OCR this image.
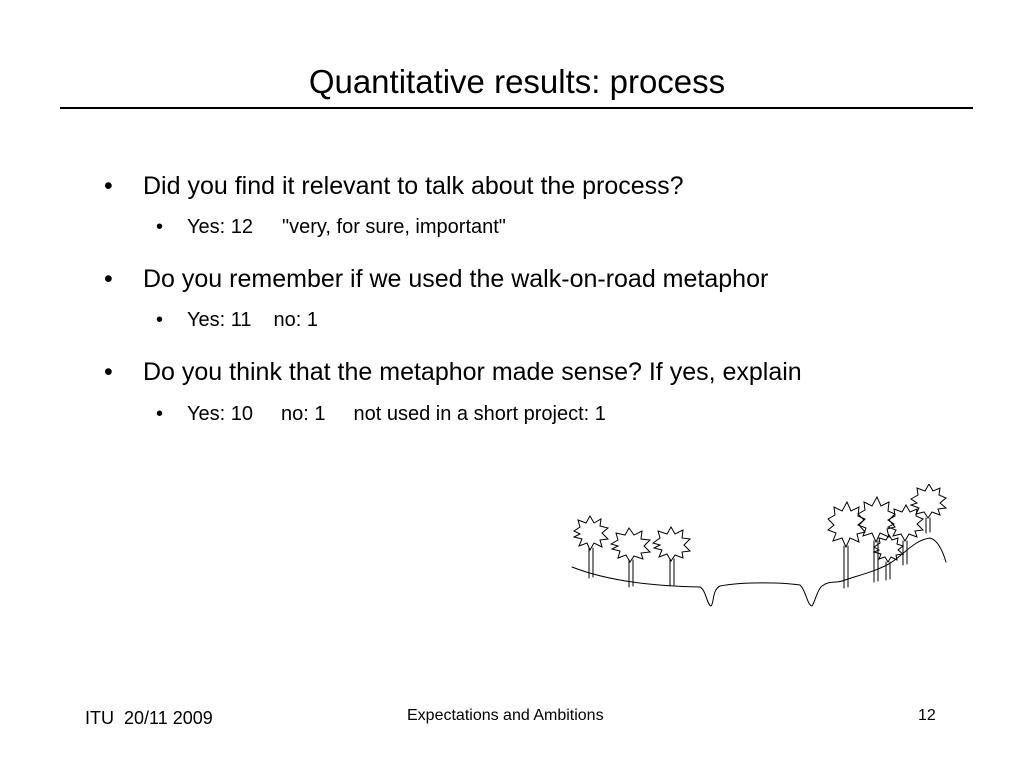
Quantitative results: process
• Did you find it relevant to talk about the process?
• Yes: 12 "very, for sure, important"
• Do you remember if we used the walk-on-road metaphor
• Yes: 11 no: 1
• Do you think that the metaphor made sense? If yes, explain
• Yes: 10 no: 1 not used in a short project: 1
ITU  20/11 2009	Expectations and Ambitions	12
